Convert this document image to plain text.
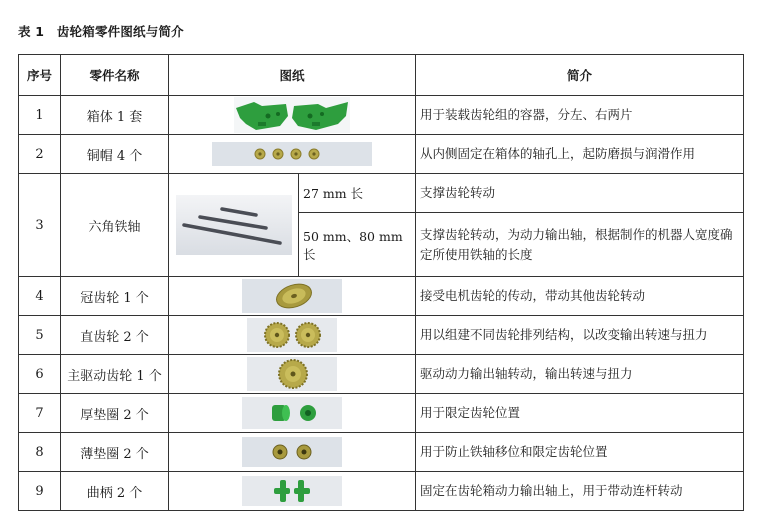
表 1　齿轮箱零件图纸与简介
序号	零件名称	图纸		简介
1	箱体 1 套			用于装载齿轮组的容器，分左、右两片
2	铜帽 4 个			从内侧固定在箱体的轴孔上，起防磨损与润滑作用
3	六角铁轴		27 mm 长	支撑齿轮转动
			50 mm、80 mm 长	支撑齿轮转动，为动力输出轴，根据制作的机器人宽度确定所使用铁轴的长度
4	冠齿轮 1 个			接受电机齿轮的传动，带动其他齿轮转动
5	直齿轮 2 个			用以组建不同齿轮排列结构，以改变输出转速与扭力
6	主驱动齿轮 1 个			驱动动力输出轴转动，输出转速与扭力
7	厚垫圈 2 个			用于限定齿轮位置
8	薄垫圈 2 个			用于防止铁轴移位和限定齿轮位置
9	曲柄 2 个			固定在齿轮箱动力输出轴上，用于带动连杆转动
